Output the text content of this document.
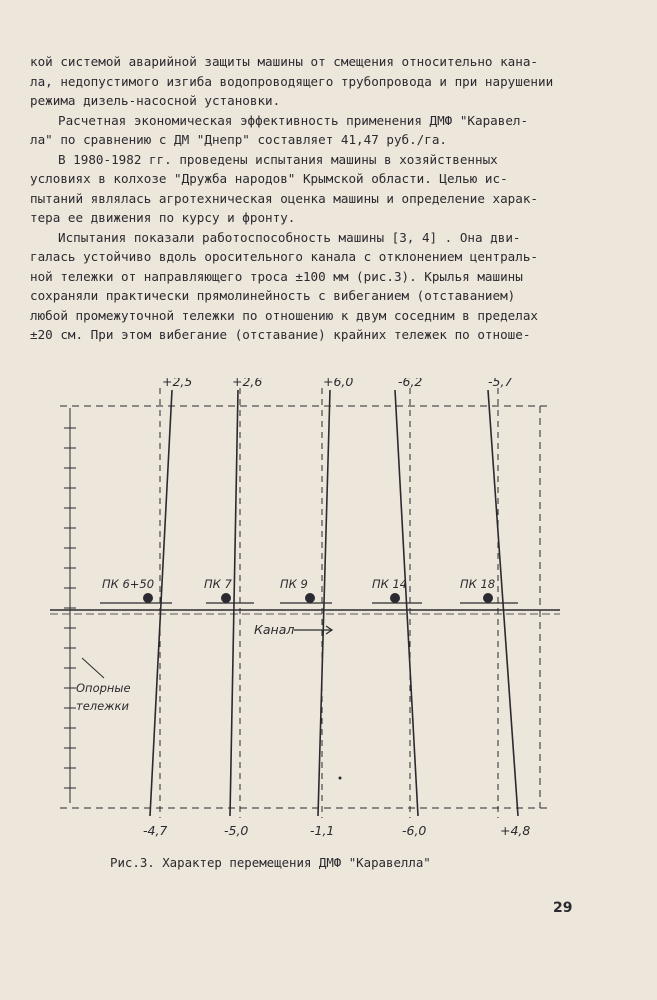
кой системой аварийной защиты машины от смещения относительно кана-
ла, недопустимого изгиба водопроводящего трубопровода и при нарушении
режима дизель-насосной установки.
Расчетная экономическая эффективность применения ДМФ "Каравел-
ла" по сравнению с ДМ "Днепр" составляет 41,47 руб./га.
В 1980-1982 гг. проведены испытания машины в хозяйственных
условиях в колхозе "Дружба народов" Крымской области. Целью ис-
пытаний являлась агротехническая оценка машины и определение харак-
тера ее движения по курсу и фронту.
Испытания показали работоспособность машины [3, 4] . Она дви-
галась устойчиво вдоль оросительного канала с отклонением централь-
ной тележки от направляющего троса ±100 мм (рис.3). Крылья машины
сохраняли практически прямолинейность с вибеганием (отставанием)
любой промежуточной тележки по отношению к двум соседним в пределах
±20 см. При этом вибегание (отставание) крайних тележек по отноше-
+2,5	+2,6	+6,0	-6,2	-5,7
ПК 6+50	ПК 7	ПК 9	ПК 14	ПК 18
Канал
Опорные
тележки
-4,7	-5,0	-1,1	-6,0	+4,8
Рис.3. Характер перемещения ДМФ "Каравелла"
29
